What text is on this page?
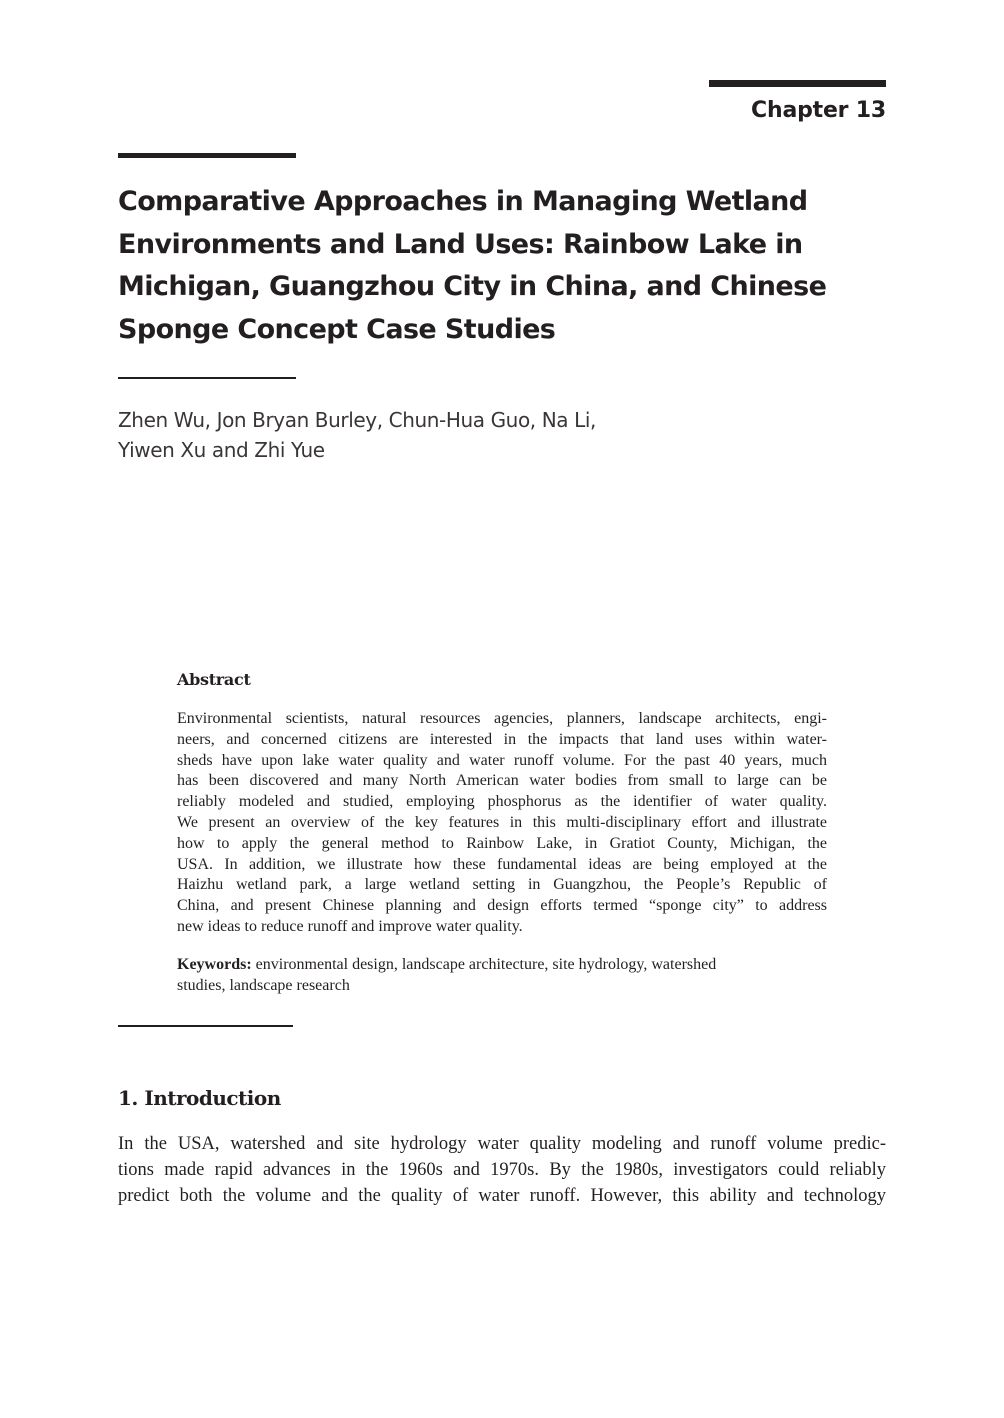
Chapter 13
Comparative Approaches in Managing Wetland
Environments and Land Uses: Rainbow Lake in
Michigan, Guangzhou City in China, and Chinese
Sponge Concept Case Studies
Zhen Wu, Jon Bryan Burley, Chun-Hua Guo, Na Li,
Yiwen Xu and Zhi Yue
Abstract
Environmental scientists, natural resources agencies, planners, landscape architects, engi-
neers, and concerned citizens are interested in the impacts that land uses within water-
sheds have upon lake water quality and water runoff volume. For the past 40 years, much
has been discovered and many North American water bodies from small to large can be
reliably modeled and studied, employing phosphorus as the identifier of water quality.
We present an overview of the key features in this multi-disciplinary effort and illustrate
how to apply the general method to Rainbow Lake, in Gratiot County, Michigan, the
USA. In addition, we illustrate how these fundamental ideas are being employed at the
Haizhu wetland park, a large wetland setting in Guangzhou, the People’s Republic of
China, and present Chinese planning and design efforts termed “sponge city” to address
new ideas to reduce runoff and improve water quality.
Keywords: environmental design, landscape architecture, site hydrology, watershed
studies, landscape research
1. Introduction
In the USA, watershed and site hydrology water quality modeling and runoff volume predic-
tions made rapid advances in the 1960s and 1970s. By the 1980s, investigators could reliably
predict both the volume and the quality of water runoff. However, this ability and technology
